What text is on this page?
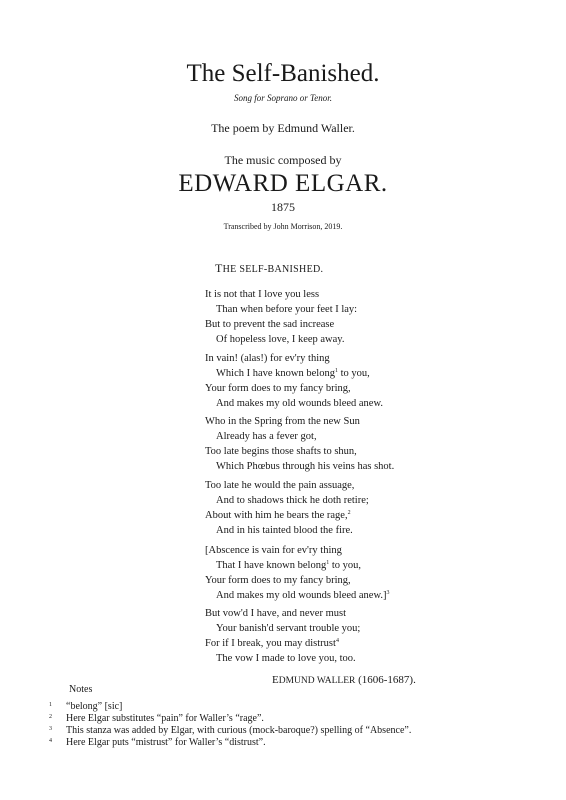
The Self-Banished.
Song for Soprano or Tenor.
The poem by Edmund Waller.
The music composed by
EDWARD ELGAR.
1875
Transcribed by John Morrison, 2019.
THE SELF-BANISHED.
It is not that I love you less
Than when before your feet I lay:
But to prevent the sad increase
Of hopeless love, I keep away.
In vain! (alas!) for ev'ry thing
Which I have known belong$^1$ to you,
Your form does to my fancy bring,
And makes my old wounds bleed anew.
Who in the Spring from the new Sun
Already has a fever got,
Too late begins those shafts to shun,
Which Phœbus through his veins has shot.
Too late he would the pain assuage,
And to shadows thick he doth retire;
About with him he bears the rage,$^2$
And in his tainted blood the fire.
[Abscence is vain for ev'ry thing
That I have known belong$^1$ to you,
Your form does to my fancy bring,
And makes my old wounds bleed anew.]$^3$
But vow'd I have, and never must
Your banish'd servant trouble you;
For if I break, you may distrust$^4$
The vow I made to love you, too.
EDMUND WALLER (1606-1687).
Notes
1 “belong” [sic]
2 Here Elgar substitutes “pain” for Waller’s “rage”.
3 This stanza was added by Elgar, with curious (mock-baroque?) spelling of “Absence”.
4 Here Elgar puts “mistrust” for Waller’s “distrust”.
